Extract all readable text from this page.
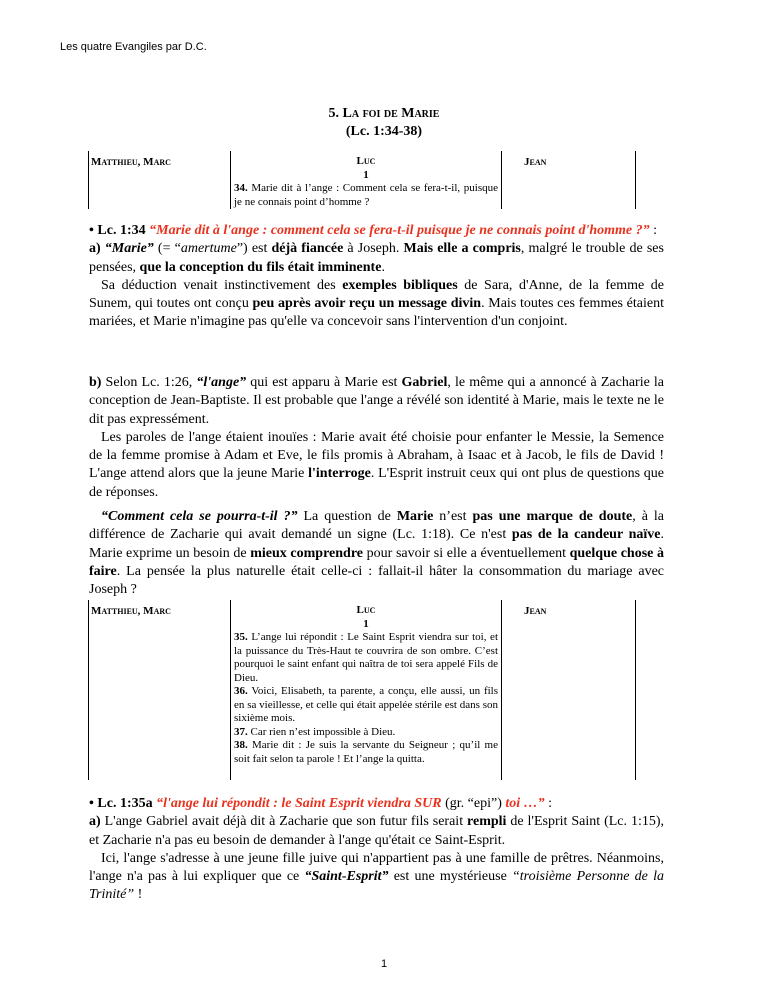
Les quatre Evangiles par D.C.
5. La foi de Marie
(Lc. 1:34-38)
Matthieu, Marc	Luc
1

34. Marie dit à l’ange : Comment cela se fera-t-il, puisque je ne connais point d’homme ?

Jean

• Lc. 1:34 “Marie dit à l'ange : comment cela se fera-t-il puisque je ne connais point d'homme ?” :

a) “Marie” (= “amertume”) est déjà fiancée à Joseph. Mais elle a compris, malgré le trouble de ses pensées, que la conception du fils était imminente.

Sa déduction venait instinctivement des exemples bibliques de Sara, d'Anne, de la femme de Sunem, qui toutes ont conçu peu après avoir reçu un message divin. Mais toutes ces femmes étaient mariées, et Marie n'imagine pas qu'elle va concevoir sans l'intervention d'un conjoint.

b) Selon Lc. 1:26, “l'ange” qui est apparu à Marie est Gabriel, le même qui a annoncé à Zacharie la conception de Jean-Baptiste. Il est probable que l'ange a révélé son identité à Marie, mais le texte ne le dit pas expressément.

Les paroles de l'ange étaient inouïes : Marie avait été choisie pour enfanter le Messie, la Semence de la femme promise à Adam et Eve, le fils promis à Abraham, à Isaac et à Jacob, le fils de David ! L'ange attend alors que la jeune Marie l'interroge. L'Esprit instruit ceux qui ont plus de questions que de réponses.

“Comment cela se pourra-t-il ?” La question de Marie n’est pas une marque de doute, à la différence de Zacharie qui avait demandé un signe (Lc. 1:18). Ce n'est pas de la candeur naïve. Marie exprime un besoin de mieux comprendre pour savoir si elle a éventuellement quelque chose à faire. La pensée la plus naturelle était celle-ci : fallait-il hâter la consommation du mariage avec Joseph ?

Matthieu, Marc	Luc
1

35. L’ange lui répondit : Le Saint Esprit viendra sur toi, et la puissance du Très-Haut te couvrira de son ombre. C’est pourquoi le saint enfant qui naîtra de toi sera appelé Fils de Dieu.

36. Voici, Elisabeth, ta parente, a conçu, elle aussi, un fils en sa vieillesse, et celle qui était appelée stérile est dans son sixième mois.

37. Car rien n’est impossible à Dieu.

38. Marie dit : Je suis la servante du Seigneur ; qu’il me soit fait selon ta parole ! Et l’ange la quitta.

Jean

• Lc. 1:35a “l'ange lui répondit : le Saint Esprit viendra SUR (gr. “epi”) toi …” :

a) L'ange Gabriel avait déjà dit à Zacharie que son futur fils serait rempli de l'Esprit Saint (Lc. 1:15), et Zacharie n'a pas eu besoin de demander à l'ange qu'était ce Saint-Esprit.

Ici, l'ange s'adresse à une jeune fille juive qui n'appartient pas à une famille de prêtres. Néanmoins, l'ange n'a pas à lui expliquer que ce “Saint-Esprit” est une mystérieuse “troisième Personne de la Trinité” !

1
